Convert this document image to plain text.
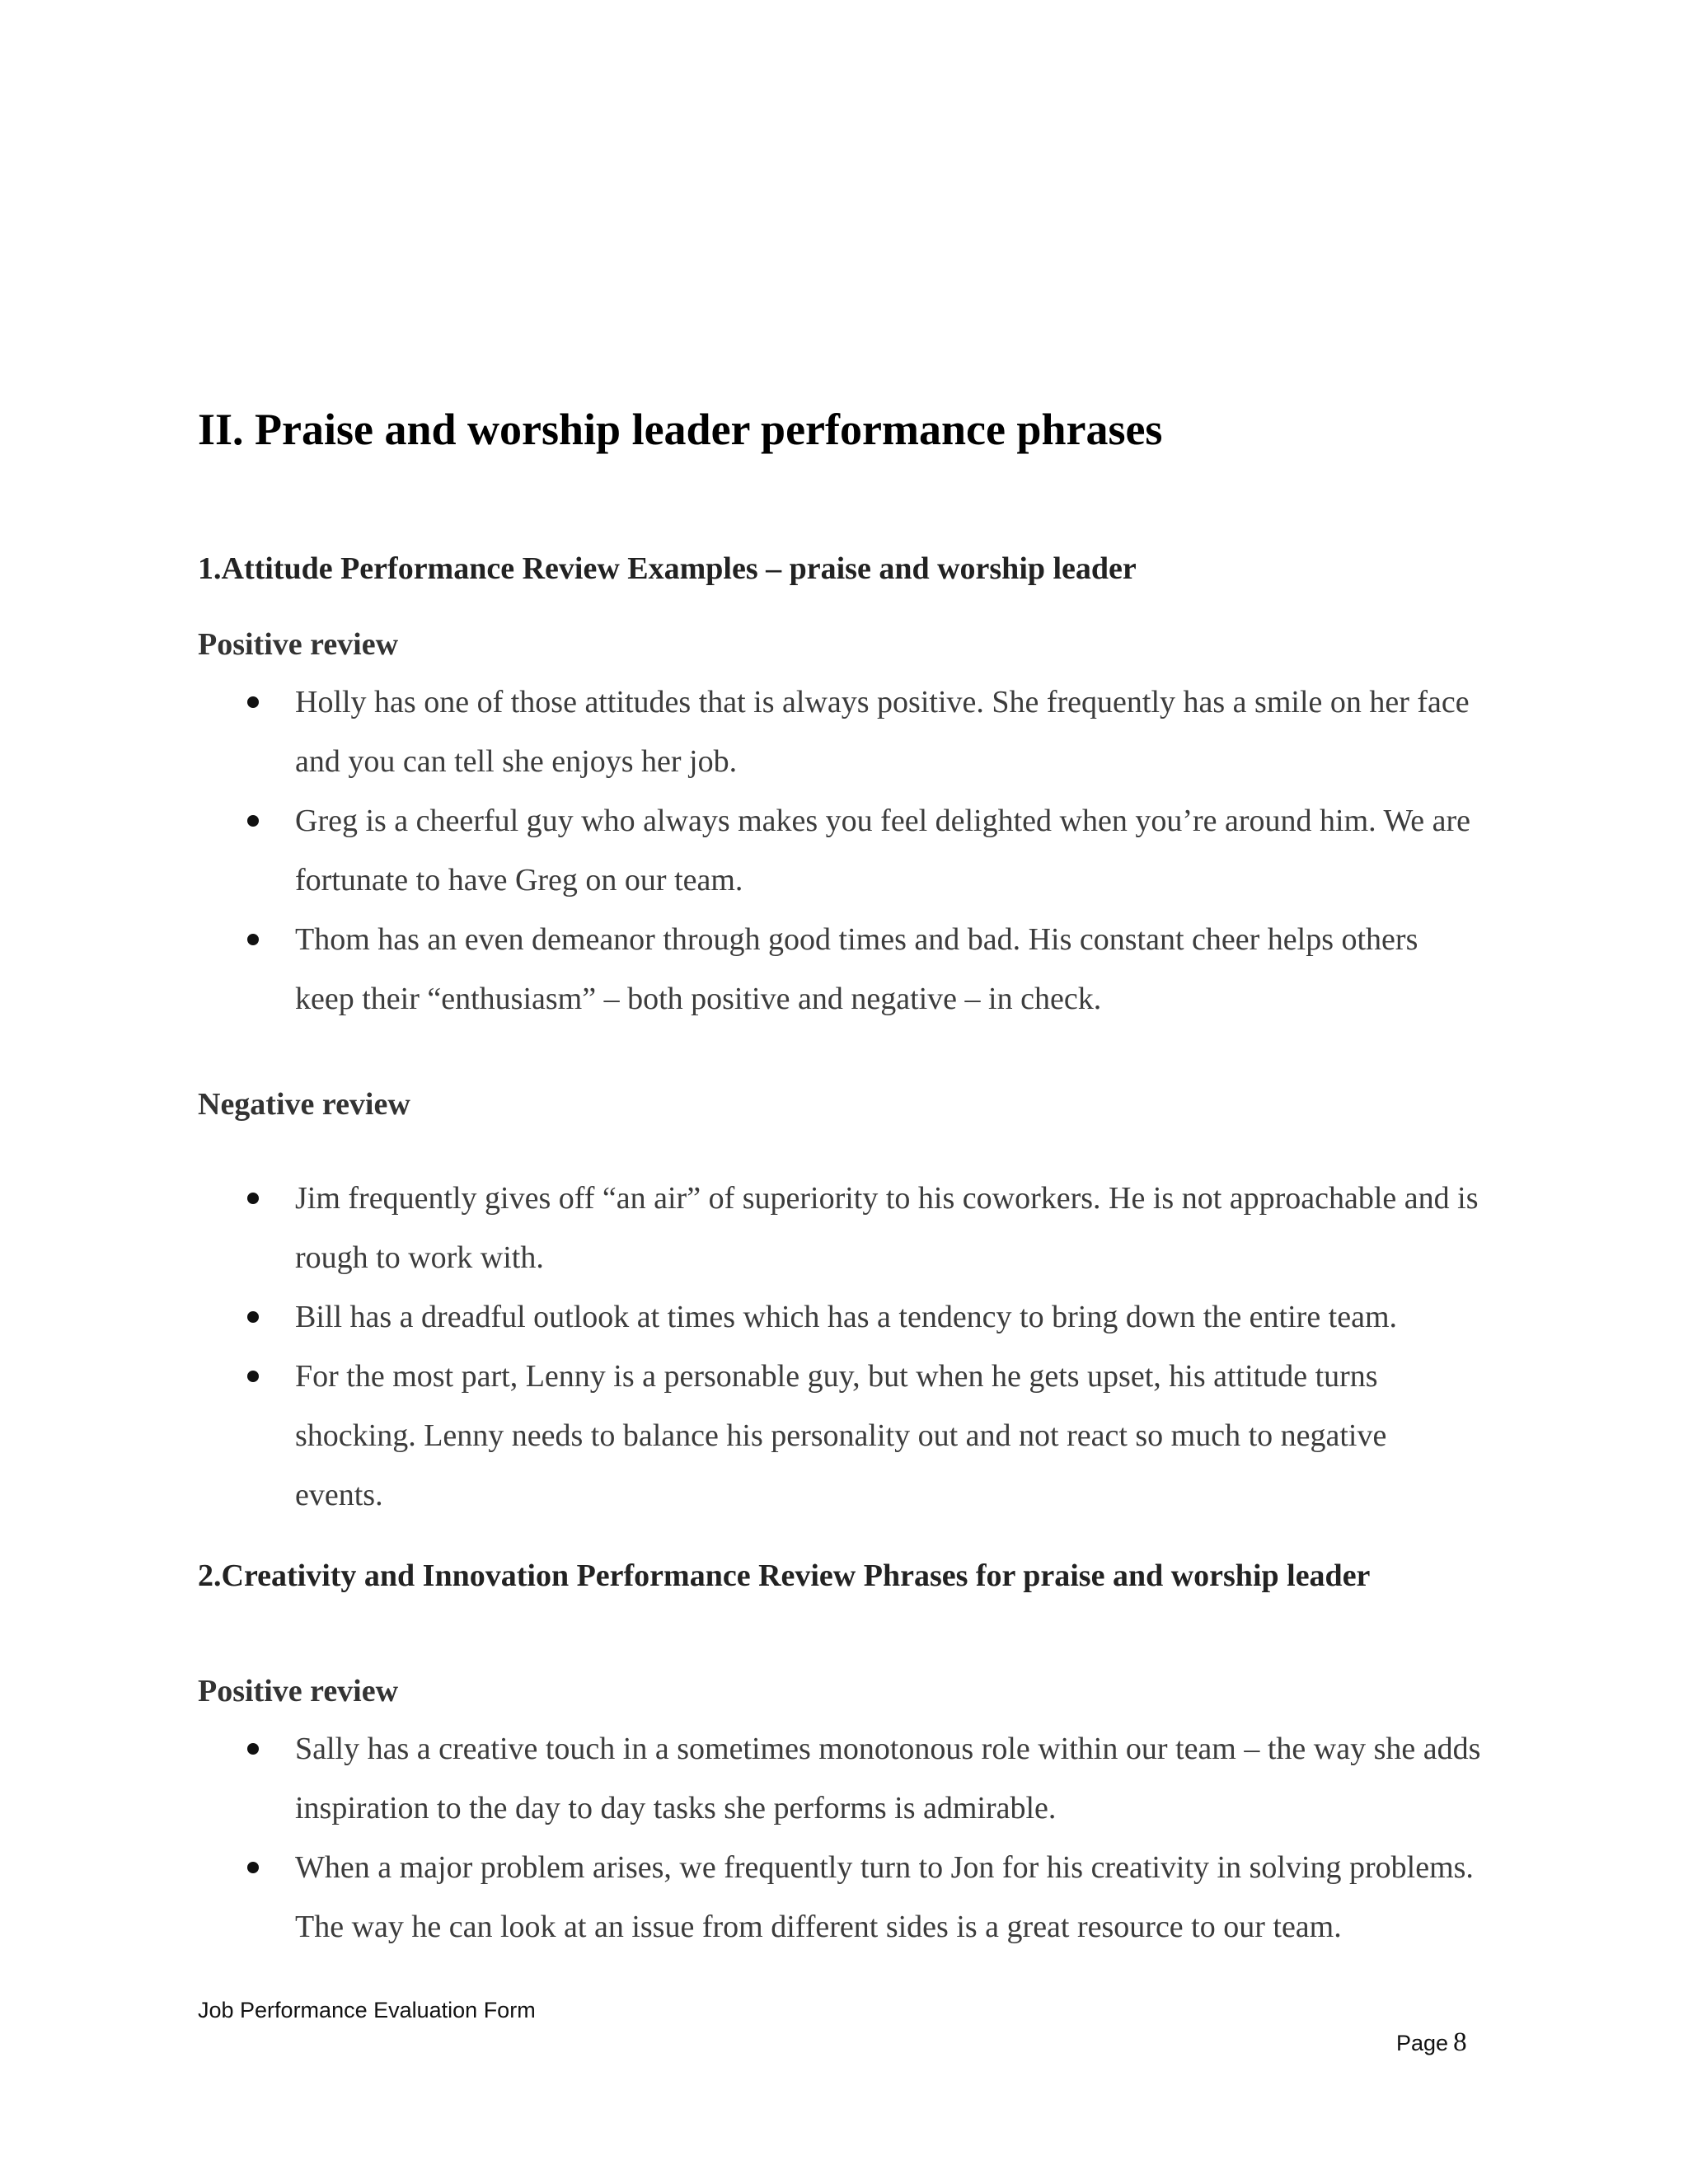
II. Praise and worship leader performance phrases
1.Attitude Performance Review Examples – praise and worship leader
Positive review
Holly has one of those attitudes that is always positive. She frequently has a smile on her face and you can tell she enjoys her job.
Greg is a cheerful guy who always makes you feel delighted when you’re around him. We are fortunate to have Greg on our team.
Thom has an even demeanor through good times and bad. His constant cheer helps others keep their “enthusiasm” – both positive and negative – in check.
Negative review
Jim frequently gives off “an air” of superiority to his coworkers. He is not approachable and is rough to work with.
Bill has a dreadful outlook at times which has a tendency to bring down the entire team.
For the most part, Lenny is a personable guy, but when he gets upset, his attitude turns shocking. Lenny needs to balance his personality out and not react so much to negative events.
2.Creativity and Innovation Performance Review Phrases for praise and worship leader
Positive review
Sally has a creative touch in a sometimes monotonous role within our team – the way she adds inspiration to the day to day tasks she performs is admirable.
When a major problem arises, we frequently turn to Jon for his creativity in solving problems. The way he can look at an issue from different sides is a great resource to our team.
Job Performance Evaluation Form
Page 8
